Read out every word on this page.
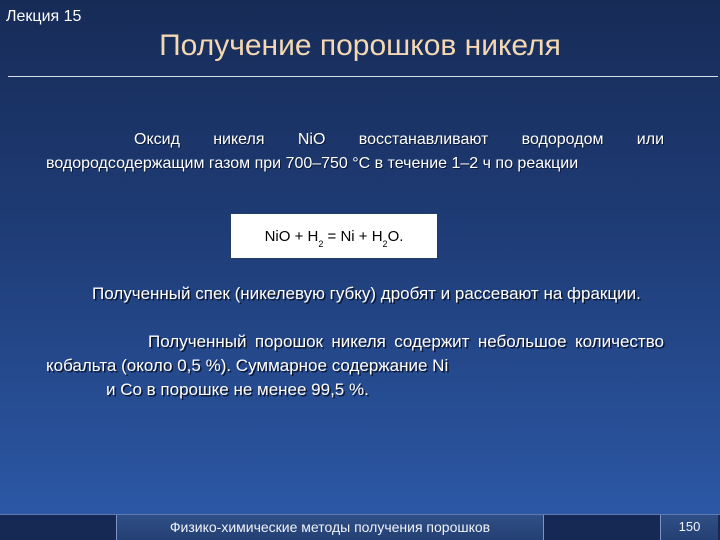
Лекция 15
Получение порошков никеля
Оксид никеля NiO восстанавливают водородом или водородсодержащим газом при 700–750 °С в течение 1–2 ч по реакции
NiO + $H_2 = Ni + H_2O$.
Полученный спек (никелевую губку) дробят и рассевают на фракции.
Полученный порошок никеля содержит небольшое количество кобальта (около 0,5 %). Суммарное содержание Ni
и Со в порошке не менее 99,5 %.
Физико-химические методы получения порошков	150
